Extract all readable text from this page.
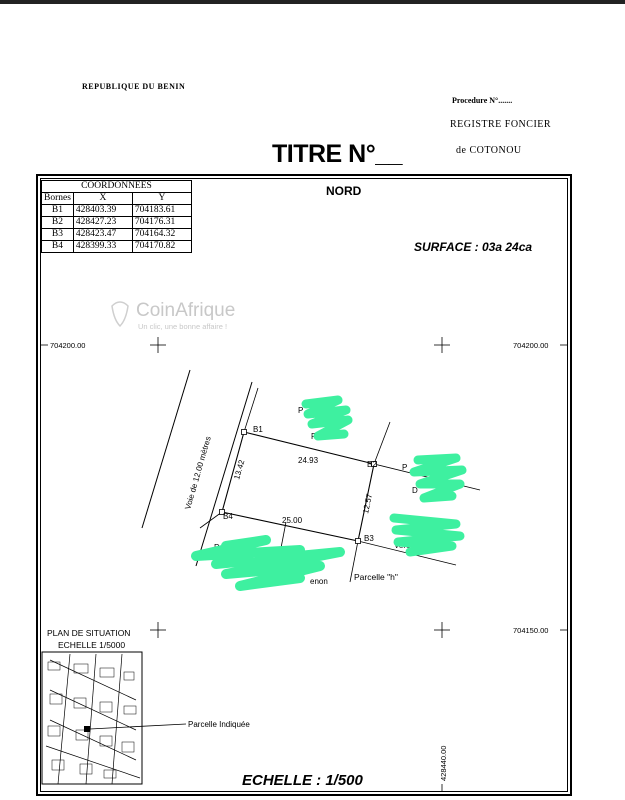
REPUBLIQUE DU BENIN
Procedure N°.......
REGISTRE FONCIER
de COTONOU
TITRE N°__
COORDONNEES		
Bornes	X	Y
B1	428403.39	704183.61
B2	428427.23	704176.31
B3	428423.47	704164.32
B4	428399.33	704170.82
NORD
SURFACE : 03a 24ca
CoinAfrique
Un clic, une bonne affaire !
704200.00	704200.00
704150.00
428440.00
Voie de 12.00 mètres
B1
B2
B3
B4
24.93
25.00
13.42
12.57
P
Ric
P
D
Veron
P
enon	Parcelle "h"
Parcelle Indiquée
PLAN DE SITUATION
ECHELLE 1/5000
ECHELLE : 1/500
